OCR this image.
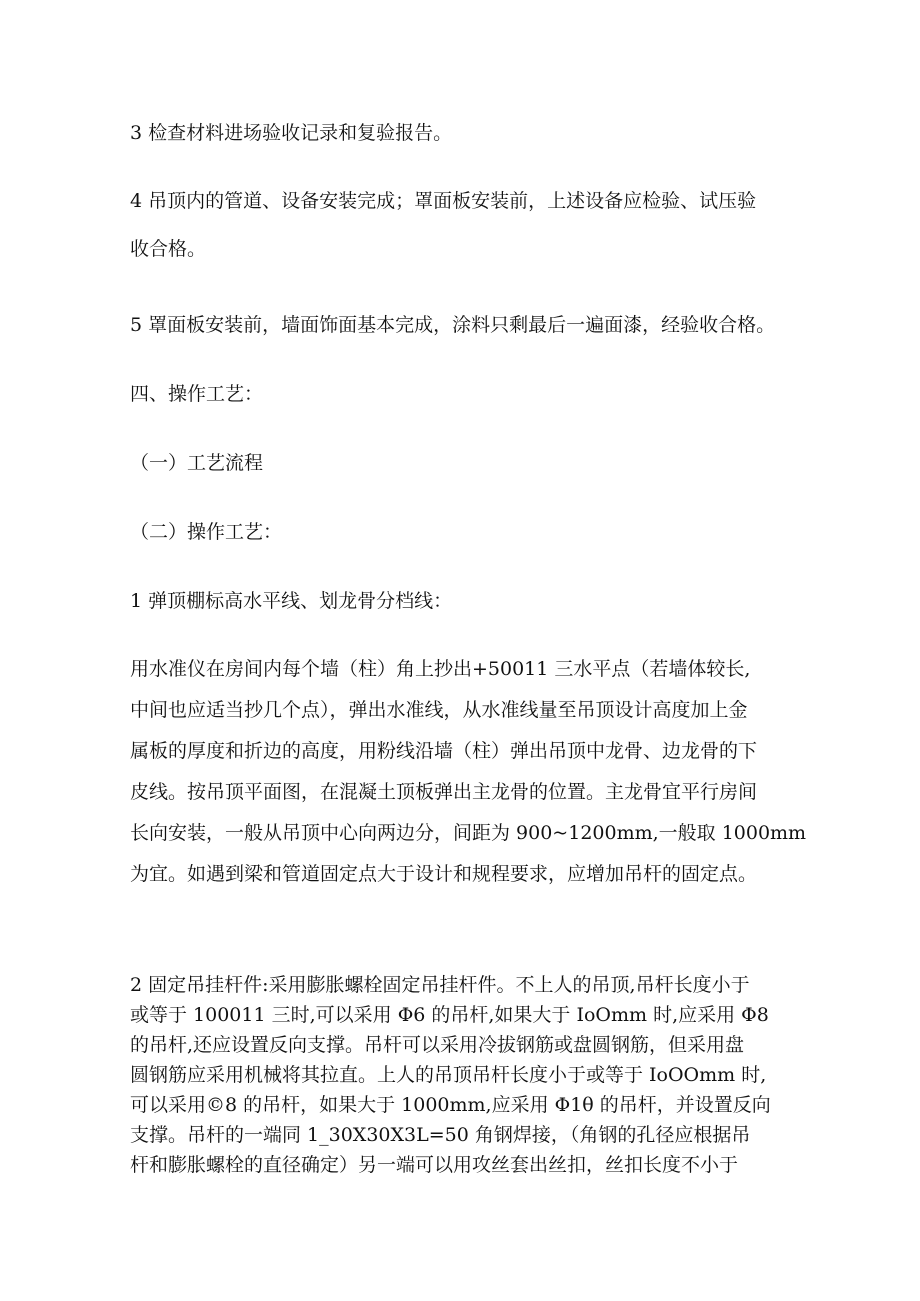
3 检查材料进场验收记录和复验报告。

4 吊顶内的管道、设备安装完成；罩面板安装前，上述设备应检验、试压验
收合格。

5 罩面板安装前，墙面饰面基本完成，涂料只剩最后一遍面漆，经验收合格。

四、操作工艺：

（一）工艺流程

（二）操作工艺：

1 弹顶棚标高水平线、划龙骨分档线：

用水准仪在房间内每个墙（柱）角上抄出+50011 三水平点（若墙体较长,
中间也应适当抄几个点），弹出水准线，从水准线量至吊顶设计高度加上金
属板的厚度和折边的高度，用粉线沿墙（柱）弹出吊顶中龙骨、边龙骨的下
皮线。按吊顶平面图，在混凝土顶板弹出主龙骨的位置。主龙骨宜平行房间
长向安装，一般从吊顶中心向两边分，间距为 900~1200mm,一般取 1000mm
为宜。如遇到梁和管道固定点大于设计和规程要求，应增加吊杆的固定点。

2 固定吊挂杆件:采用膨胀螺栓固定吊挂杆件。不上人的吊顶,吊杆长度小于
或等于 100011 三时,可以采用 Φ6 的吊杆,如果大于 IoOmm 时,应采用 Φ8
的吊杆,还应设置反向支撑。吊杆可以采用冷拔钢筋或盘圆钢筋，但采用盘
圆钢筋应采用机械将其拉直。上人的吊顶吊杆长度小于或等于 IoOOmm 时,
可以采用©8 的吊杆，如果大于 1000mm,应采用 Φ1θ 的吊杆，并设置反向
支撑。吊杆的一端同 1_30X30X3L=50 角钢焊接，（角钢的孔径应根据吊
杆和膨胀螺栓的直径确定）另一端可以用攻丝套出丝扣，丝扣长度不小于
